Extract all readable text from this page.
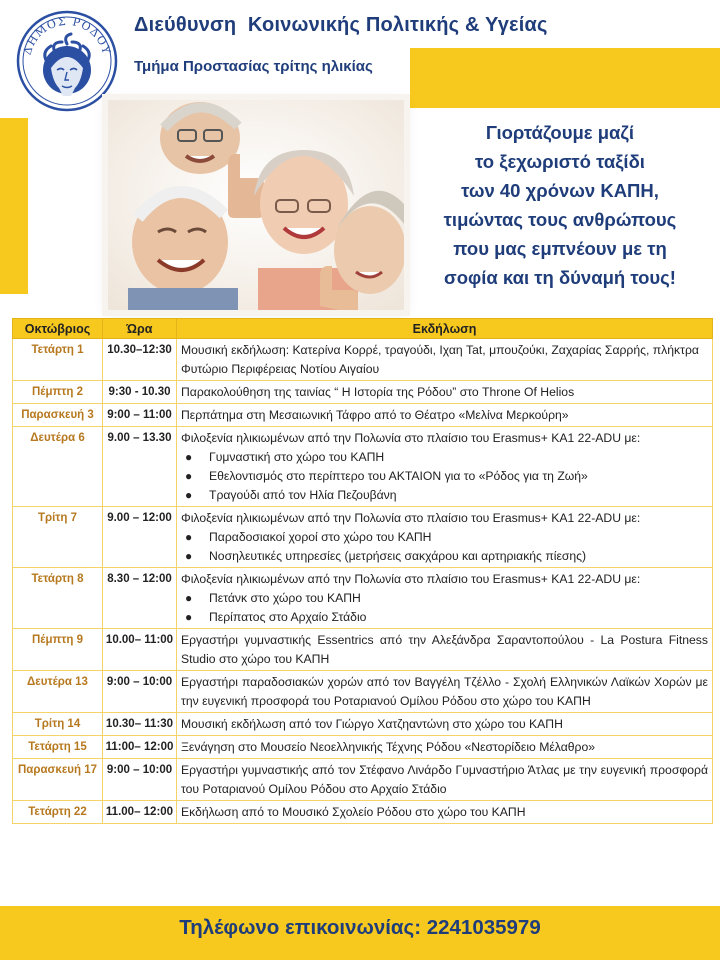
ΔΗΜΟΣ ΡΟΔΟΥ
Διεύθυνση  Κοινωνικής Πολιτικής & Υγείας
Τμήμα Προστασίας τρίτης ηλικίας
Γιορτάζουμε μαζί
το ξεχωριστό ταξίδι
των 40 χρόνων ΚΑΠΗ,
τιμώντας τους ανθρώπους
που μας εμπνέουν με τη
σοφία και τη δύναμή τους!
Οκτώβριος	Ώρα	Εκδήλωση
Τετάρτη 1	10.30–12:30	Μουσική εκδήλωση: Κατερίνα Κορρέ, τραγούδι, Ιχαη Tat, μπουζούκι, Ζαχαρίας Σαρρής, πλήκτρα
Φυτώριο Περιφέρειας Νοτίου Αιγαίου

Πέμπτη 2	9:30 - 10.30	Παρακολούθηση της ταινίας “ Η Ιστορία της Ρόδου” στο Throne Of Helios

Παρασκευή 3	9:00 – 11:00	Περπάτημα στη Μεσαιωνική Τάφρο από το Θέατρο «Μελίνα Μερκούρη»

Δευτέρα 6	9.00 – 13.30	Φιλοξενία ηλικιωμένων από την Πολωνία στο πλαίσιο του Erasmus+ KA1 22-ADU με:
● Γυμναστική στο χώρο του ΚΑΠΗ
● Εθελοντισμός στο περίπτερο του ΑΚΤΑΙΟΝ για το «Ρόδος για τη Ζωή»
● Τραγούδι από τον Ηλία Πεζουβάνη

Τρίτη 7	9.00 – 12:00	Φιλοξενία ηλικιωμένων από την Πολωνία στο πλαίσιο του Erasmus+ KA1 22-ADU με:
● Παραδοσιακοί χοροί στο χώρο του ΚΑΠΗ
● Νοσηλευτικές υπηρεσίες (μετρήσεις σακχάρου και αρτηριακής πίεσης)

Τετάρτη 8	8.30 – 12:00	Φιλοξενία ηλικιωμένων από την Πολωνία στο πλαίσιο του Erasmus+ KA1 22-ADU με:
● Πετάνκ στο χώρο του ΚΑΠΗ
● Περίπατος στο Αρχαίο Στάδιο

Πέμπτη 9	10.00– 11:00	Εργαστήρι γυμναστικής Essentrics από την Αλεξάνδρα Σαραντοπούλου - La Postura Fitness Studio στο χώρο του ΚΑΠΗ

Δευτέρα 13	9:00 – 10:00	Εργαστήρι παραδοσιακών χορών από τον Βαγγέλη Τζέλλο - Σχολή Ελληνικών Λαϊκών Χορών με την ευγενική προσφορά του Ροταριανού Ομίλου Ρόδου στο χώρο του ΚΑΠΗ

Τρίτη 14	10.30– 11:30	Μουσική εκδήλωση από τον Γιώργο Χατζηαντώνη στο χώρο του ΚΑΠΗ

Τετάρτη 15	11:00– 12:00	Ξενάγηση στο Μουσείο Νεοελληνικής Τέχνης Ρόδου «Νεστορίδειο Μέλαθρο»

Παρασκευή 17	9:00 – 10:00	Εργαστήρι γυμναστικής από τον Στέφανο Λινάρδο Γυμναστήριο Άτλας με την ευγενική προσφορά του Ροταριανού Ομίλου Ρόδου στο Αρχαίο Στάδιο

Τετάρτη 22	11.00– 12:00	Εκδήλωση από το Μουσικό Σχολείο Ρόδου στο χώρο του ΚΑΠΗ
Τηλέφωνο επικοινωνίας: 2241035979
